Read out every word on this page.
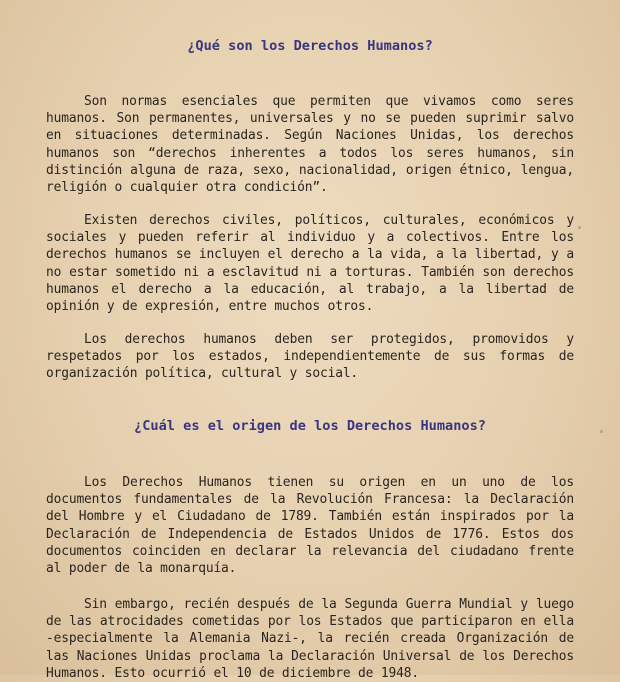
¿Qué son los Derechos Humanos?

Son normas esenciales que permiten que vivamos como seres humanos. Son permanentes, universales y no se pueden suprimir salvo en situaciones determinadas. Según Naciones Unidas, los derechos humanos son “derechos inherentes a todos los seres humanos, sin distinción alguna de raza, sexo, nacionalidad, origen étnico, lengua, religión o cualquier otra condición”.

Existen derechos civiles, políticos, culturales, económicos y sociales y pueden referir al individuo y a colectivos. Entre los derechos humanos se incluyen el derecho a la vida, a la libertad, y a no estar sometido ni a esclavitud ni a torturas. También son derechos humanos el derecho a la educación, al trabajo, a la libertad de opinión y de expresión, entre muchos otros.

Los derechos humanos deben ser protegidos, promovidos y respetados por los estados, independientemente de sus formas de organización política, cultural y social.

¿Cuál es el origen de los Derechos Humanos?

Los Derechos Humanos tienen su origen en un uno de los documentos fundamentales de la Revolución Francesa: la Declaración del Hombre y el Ciudadano de 1789. También están inspirados por la Declaración de Independencia de Estados Unidos de 1776. Estos dos documentos coinciden en declarar la relevancia del ciudadano frente al poder de la monarquía.

Sin embargo, recién después de la Segunda Guerra Mundial y luego de las atrocidades cometidas por los Estados que participaron en ella -especialmente la Alemania Nazi-, la recién creada Organización de las Naciones Unidas proclama la Declaración Universal de los Derechos Humanos. Esto ocurrió el 10 de diciembre de 1948.
